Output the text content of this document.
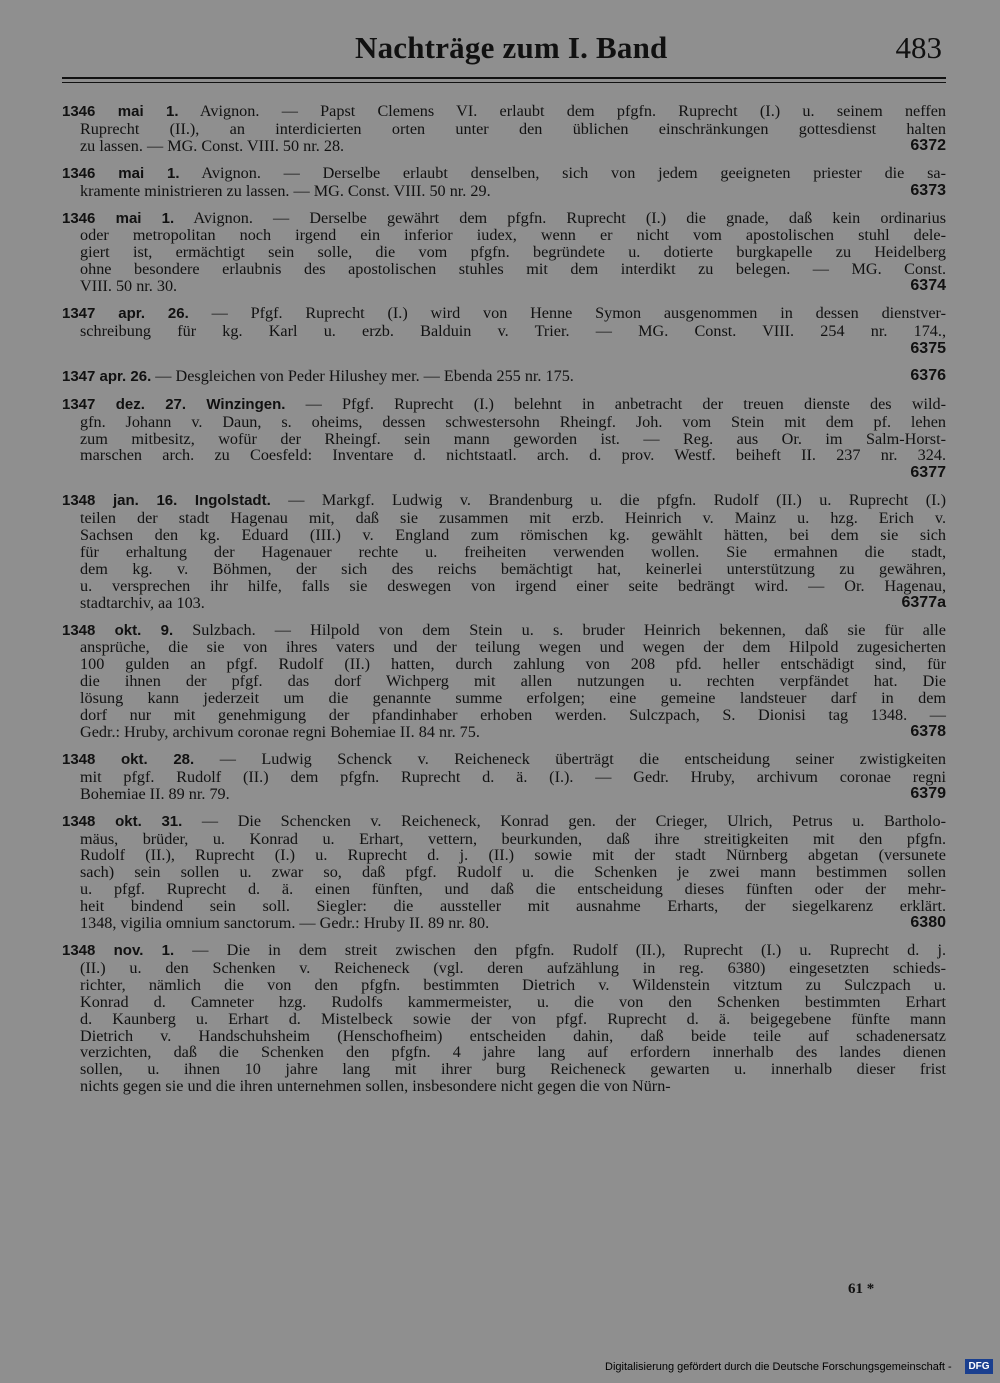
Nachträge zum I. Band	483
1346 mai 1. Avignon. — Papst Clemens VI. erlaubt dem pfgfn. Ruprecht (I.) u. seinem neffen
Ruprecht (II.), an interdicierten orten unter den üblichen einschränkungen gottesdienst halten
zu lassen. — MG. Const. VIII. 50 nr. 28.	6372
1346 mai 1. Avignon. — Derselbe erlaubt denselben, sich von jedem geeigneten priester die sa-
kramente ministrieren zu lassen. — MG. Const. VIII. 50 nr. 29.	6373
1346 mai 1. Avignon. — Derselbe gewährt dem pfgfn. Ruprecht (I.) die gnade, daß kein ordinarius
oder metropolitan noch irgend ein inferior iudex, wenn er nicht vom apostolischen stuhl dele-
giert ist, ermächtigt sein solle, die vom pfgfn. begründete u. dotierte burgkapelle zu Heidelberg
ohne besondere erlaubnis des apostolischen stuhles mit dem interdikt zu belegen. — MG. Const.
VIII. 50 nr. 30.	6374
1347 apr. 26. — Pfgf. Ruprecht (I.) wird von Henne Symon ausgenommen in dessen dienstver-
schreibung für kg. Karl u. erzb. Balduin v. Trier. — MG. Const. VIII. 254 nr. 174.,
6375
1347 apr. 26. — Desgleichen von Peder Hilushey mer. — Ebenda 255 nr. 175.	6376
1347 dez. 27. Winzingen. — Pfgf. Ruprecht (I.) belehnt in anbetracht der treuen dienste des wild-
gfn. Johann v. Daun, s. oheims, dessen schwestersohn Rheingf. Joh. vom Stein mit dem pf. lehen
zum mitbesitz, wofür der Rheingf. sein mann geworden ist. — Reg. aus Or. im Salm-Horst-
marschen arch. zu Coesfeld: Inventare d. nichtstaatl. arch. d. prov. Westf. beiheft II. 237 nr. 324.
6377
1348 jan. 16. Ingolstadt. — Markgf. Ludwig v. Brandenburg u. die pfgfn. Rudolf (II.) u. Ruprecht (I.)
teilen der stadt Hagenau mit, daß sie zusammen mit erzb. Heinrich v. Mainz u. hzg. Erich v.
Sachsen den kg. Eduard (III.) v. England zum römischen kg. gewählt hätten, bei dem sie sich
für erhaltung der Hagenauer rechte u. freiheiten verwenden wollen. Sie ermahnen die stadt,
dem kg. v. Böhmen, der sich des reichs bemächtigt hat, keinerlei unterstützung zu gewähren,
u. versprechen ihr hilfe, falls sie deswegen von irgend einer seite bedrängt wird. — Or. Hagenau,
stadtarchiv, aa 103.	6377a
1348 okt. 9. Sulzbach. — Hilpold von dem Stein u. s. bruder Heinrich bekennen, daß sie für alle
ansprüche, die sie von ihres vaters und der teilung wegen und wegen der dem Hilpold zugesicherten
100 gulden an pfgf. Rudolf (II.) hatten, durch zahlung von 208 pfd. heller entschädigt sind, für
die ihnen der pfgf. das dorf Wichperg mit allen nutzungen u. rechten verpfändet hat. Die
lösung kann jederzeit um die genannte summe erfolgen; eine gemeine landsteuer darf in dem
dorf nur mit genehmigung der pfandinhaber erhoben werden. Sulczpach, S. Dionisi tag 1348. —
Gedr.: Hruby, archivum coronae regni Bohemiae II. 84 nr. 75.	6378
1348 okt. 28. — Ludwig Schenck v. Reicheneck überträgt die entscheidung seiner zwistigkeiten
mit pfgf. Rudolf (II.) dem pfgfn. Ruprecht d. ä. (I.). — Gedr. Hruby, archivum coronae regni
Bohemiae II. 89 nr. 79.	6379
1348 okt. 31. — Die Schencken v. Reicheneck, Konrad gen. der Crieger, Ulrich, Petrus u. Bartholo-
mäus, brüder, u. Konrad u. Erhart, vettern, beurkunden, daß ihre streitigkeiten mit den pfgfn.
Rudolf (II.), Ruprecht (I.) u. Ruprecht d. j. (II.) sowie mit der stadt Nürnberg abgetan (versunete
sach) sein sollen u. zwar so, daß pfgf. Rudolf u. die Schenken je zwei mann bestimmen sollen
u. pfgf. Ruprecht d. ä. einen fünften, und daß die entscheidung dieses fünften oder der mehr-
heit bindend sein soll. Siegler: die aussteller mit ausnahme Erharts, der siegelkarenz erklärt.
1348, vigilia omnium sanctorum. — Gedr.: Hruby II. 89 nr. 80.	6380
1348 nov. 1. — Die in dem streit zwischen den pfgfn. Rudolf (II.), Ruprecht (I.) u. Ruprecht d. j.
(II.) u. den Schenken v. Reicheneck (vgl. deren aufzählung in reg. 6380) eingesetzten schieds-
richter, nämlich die von den pfgfn. bestimmten Dietrich v. Wildenstein vitztum zu Sulczpach u.
Konrad d. Camneter hzg. Rudolfs kammermeister, u. die von den Schenken bestimmten Erhart
d. Kaunberg u. Erhart d. Mistelbeck sowie der von pfgf. Ruprecht d. ä. beigegebene fünfte mann
Dietrich v. Handschuhsheim (Henschofheim) entscheiden dahin, daß beide teile auf schadenersatz
verzichten, daß die Schenken den pfgfn. 4 jahre lang auf erfordern innerhalb des landes dienen
sollen, u. ihnen 10 jahre lang mit ihrer burg Reicheneck gewarten u. innerhalb dieser frist
nichts gegen sie und die ihren unternehmen sollen, insbesondere nicht gegen die von Nürn-
61 *
Digitalisierung gefördert durch die Deutsche Forschungsgemeinschaft -	DFG
